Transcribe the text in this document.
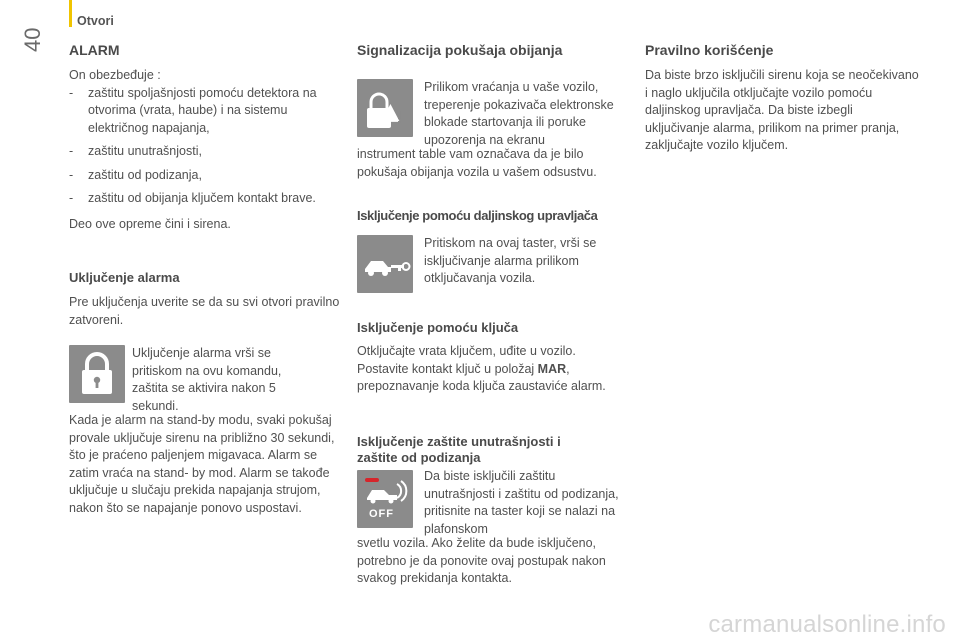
Otvori
40 ALARM

On obezbeđuje :

- zaštitu spoljašnjosti pomoću detektora na otvorima (vrata, haube) i na sistemu električnog napajanja,
- zaštitu unutrašnjosti,
- zaštitu od podizanja,
- zaštitu od obijanja ključem kontakt brave.

Deo ove opreme čini i sirena.

Uključenje alarma

Pre uključenja uverite se da su svi otvori pravilno zatvoreni.

Uključenje alarma vrši se pritiskom na ovu komandu, zaštita se aktivira nakon 5 sekundi.
Kada je alarm na stand-by modu, svaki pokušaj provale uključuje sirenu na približno 30 sekundi, što je praćeno paljenjem migavaca. Alarm se zatim vraća na stand- by mod. Alarm se takođe uključuje u slučaju prekida napajanja strujom, nakon što se napajanje ponovo uspostavi.
Signalizacija pokušaja obijanja
Prilikom vraćanja u vaše vozilo, treperenje pokazivača elektronske blokade startovanja ili poruke upozorenja na ekranu
instrument table vam označava da je bilo pokušaja obijanja vozila u vašem odsustvu.
Isključenje pomoću daljinskog upravljača
Pritiskom na ovaj taster, vrši se isključivanje alarma prilikom otključavanja vozila.
Isključenje pomoću ključa

Otključajte vrata ključem, uđite u vozilo. Postavite kontakt ključ u položaj MAR, prepoznavanje koda ključa zaustaviće alarm.

Isključenje zaštite unutrašnjosti i
zaštite od podizanja
OFF
Da biste isključili zaštitu unutrašnjosti i zaštitu od podizanja, pritisnite na taster koji se nalazi na plafonskom
svetlu vozila. Ako želite da bude isključeno, potrebno je da ponovite ovaj postupak nakon svakog prekidanja kontakta.
Pravilno korišćenje

Da biste brzo isključili sirenu koja se neočekivano i naglo uključila otključajte vozilo pomoću daljinskog upravljača. Da biste izbegli uključivanje alarma, prilikom na primer pranja, zaključajte vozilo ključem.

carmanualsonline.info
